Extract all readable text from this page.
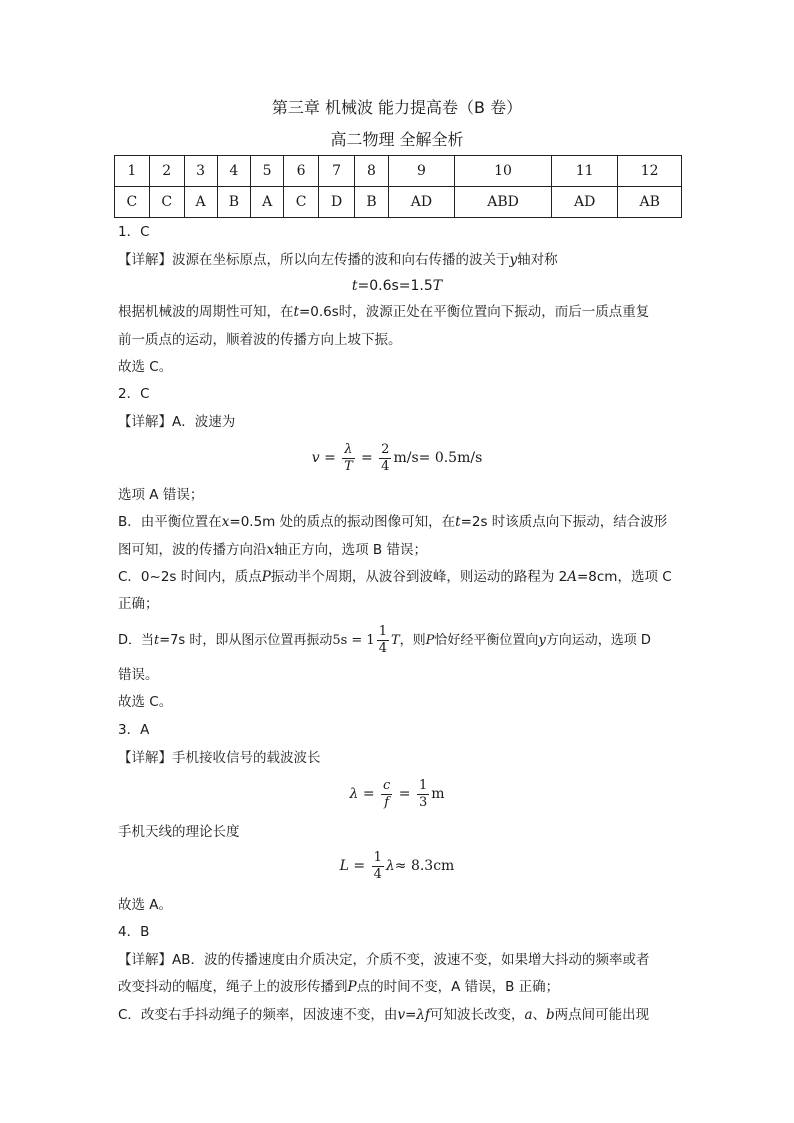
第三章 机械波 能力提高卷（B 卷）
高二物理 全解全析
1	2	3	4	5	6	7	8	9	10	11	12
C	C	A	B	A	C	D	B	AD	ABD	AD	AB
1．C
【详解】波源在坐标原点，所以向左传播的波和向右传播的波关于y轴对称
t=0.6s=1.5T
根据机械波的周期性可知，在t=0.6s时，波源正处在平衡位置向下振动，而后一质点重复
前一质点的运动，顺着波的传播方向上坡下振。
故选 C。
2．C
【详解】A．波速为
$v = \frac{\lambda}{T} = \frac{2}{4} m/s= 0.5m/s$
选项 A 错误；
B．由平衡位置在x=0.5m 处的质点的振动图像可知，在t=2s 时该质点向下振动，结合波形
图可知，波的传播方向沿x轴正方向，选项 B 错误；
C．0~2s 时间内，质点P振动半个周期，从波谷到波峰，则运动的路程为 2A=8cm，选项 C
正确；
D．当t=7s 时，即从图示位置再振动$5s = 1 \frac{1}{4}$ T，则P恰好经平衡位置向y方向运动，选项 D
错误。
故选 C。
3．A
【详解】手机接收信号的载波波长
$\lambda = \frac{c}{f} = \frac{1}{3}$ m
手机天线的理论长度
$L = \frac{1}{4} \lambda\approx 8.3cm$
故选 A。
4．B
【详解】AB．波的传播速度由介质决定，介质不变，波速不变，如果增大抖动的频率或者
改变抖动的幅度，绳子上的波形传播到P点的时间不变，A 错误，B 正确；
C．改变右手抖动绳子的频率，因波速不变，由v=λf可知波长改变，a、b两点间可能出现
